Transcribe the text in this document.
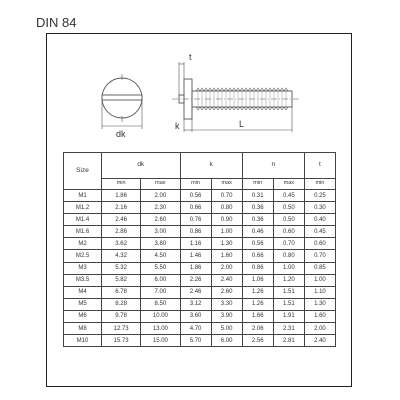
DIN 84
dk
t
k	L
Size	dk		k		n		t
	min	max	min	max	min	max	min
M1	1.86	2.00	0.56	0.70	0.31	0.45	0.25
M1.2	2.16	2.30	0.66	0.80	0.36	0.50	0.30
M1.4	2.46	2.60	0.76	0.90	0.36	0.50	0.40
M1.6	2.86	3.00	0.86	1.00	0.46	0.60	0.45
M2	3.62	3.80	1.16	1.30	0.56	0.70	0.60
M2.5	4.32	4.50	1.46	1.60	0.66	0.80	0.70
M3	5.32	5.50	1.86	2.00	0.86	1.00	0.85
M3.5	5.82	6.00	2.26	2.40	1.06	1.20	1.00
M4	6.78	7.00	2.46	2.60	1.26	1.51	1.10
M5	8.28	8.50	3.12	3.30	1.26	1.51	1.30
M6	9.78	10.00	3.60	3.90	1.66	1.91	1.60
M8	12.73	13.00	4.70	5.00	2.06	2.31	2.00
M10	15.73	15.00	5.70	6.00	2.56	2.81	2.40
